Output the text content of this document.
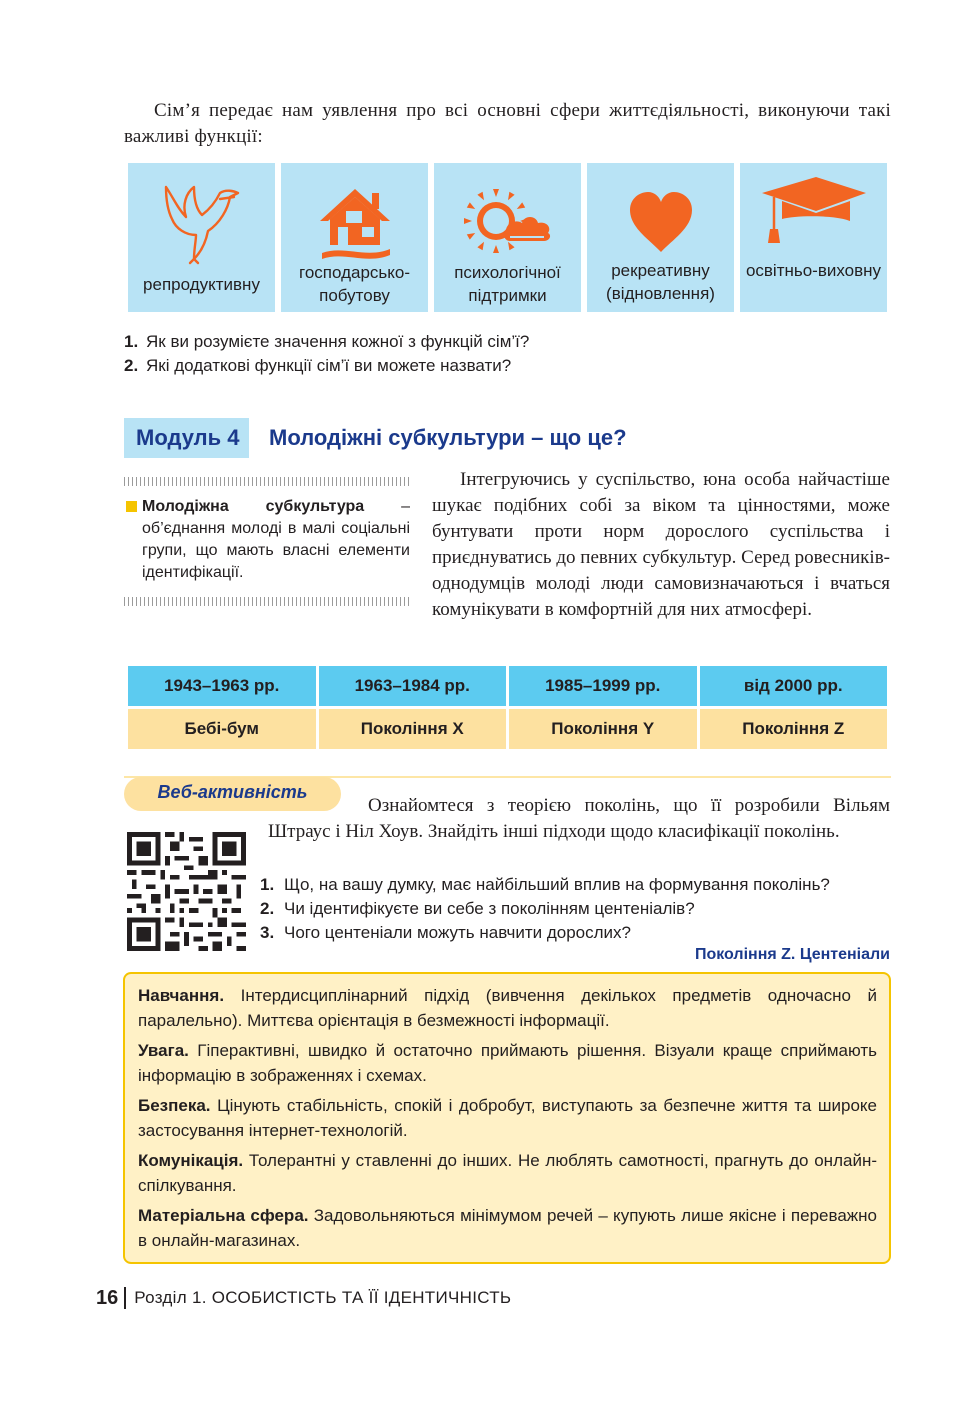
Сім’я передає нам уявлення про всі основні сфери життєдіяльності, виконуючи такі важливі функції:

репродуктивну
господарсько-побутову
психологічної підтримки
рекреативну (відновлення)
освітньо-виховну
1. Як ви розумієте значення кожної з функцій сім’ї?
2. Які додаткові функції сім’ї ви можете назвати?
Модуль 4	Молодіжні субкультури – що це?

Молодіжна субкультура – об’єднання молоді в малі соціальні групи, що мають власні елементи ідентифікації.

Інтегруючись у суспільство, юна особа найчастіше шукає подібних собі за віком та цінностями, може бунтувати проти норм дорослого суспільства і приєднуватись до певних субкультур. Серед ровесників-однодумців молоді люди самовизначаються і вчаться комунікувати в комфортній для них атмосфері.

1943–1963 рр.	1963–1984 рр.	1985–1999 рр.	від 2000 рр.
Бебі-бум	Покоління X	Покоління Y	Покоління Z
Веб-активність

Ознайомтеся з теорією поколінь, що її розробили Вільям Штраус і Ніл Хоув. Знайдіть інші підходи щодо класифікації поколінь.

1. Що, на вашу думку, має найбільший вплив на формування поколінь?
2. Чи ідентифікуєте ви себе з поколінням центеніалів?
3. Чого центеніали можуть навчити дорослих?
Покоління Z. Центеніали

Навчання. Інтердисциплінарний підхід (вивчення декількох предметів одночасно й паралельно). Миттєва орієнтація в безмежності інформації.

Увага. Гіперактивні, швидко й остаточно приймають рішення. Візуали краще сприймають інформацію в зображеннях і схемах.

Безпека. Цінують стабільність, спокій і добробут, виступають за безпечне життя та широке застосування інтернет-технологій.

Комунікація. Толерантні у ставленні до інших. Не люблять самотності, прагнуть до онлайн-спілкування.

Матеріальна сфера. Задовольняються мінімумом речей – купують лише якісне і переважно в онлайн-магазинах.

16 Розділ 1. ОСОБИСТІСТЬ ТА ЇЇ ІДЕНТИЧНІСТЬ
